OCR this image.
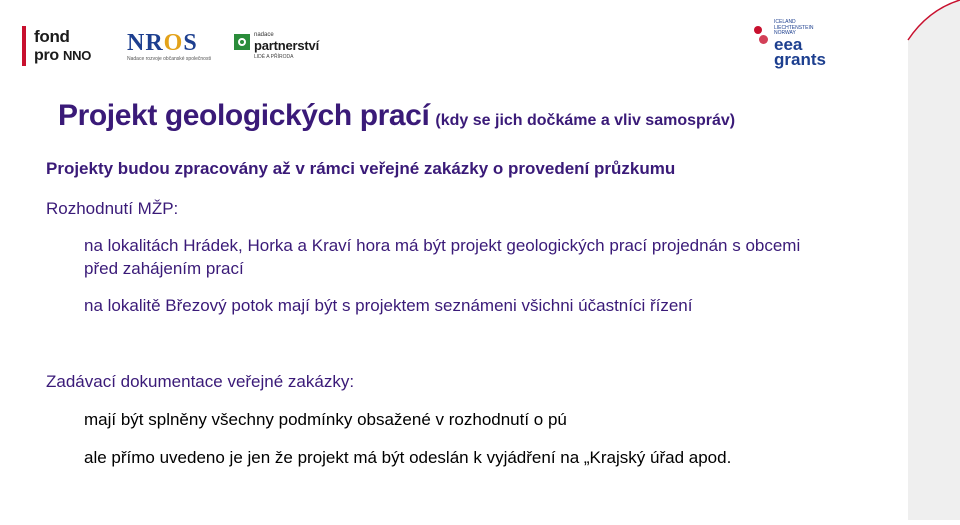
fond
pro NNO NROS
Nadace rozvoje občanské společnosti
nadace
partnerství
LIDÉ A PŘÍRODA
ICELAND
LIECHTENSTEIN
NORWAY
eea
grants
Projekt geologických prací (kdy se jich dočkáme a vliv samospráv)
Projekty budou zpracovány až v rámci veřejné zakázky o provedení průzkumu
Rozhodnutí MŽP:
na lokalitách Hrádek, Horka a Kraví hora má být projekt geologických prací projednán s obcemi
před zahájením prací
na lokalitě Březový potok mají být s projektem seznámeni všichni účastníci řízení
Zadávací dokumentace veřejné zakázky:
mají být splněny všechny podmínky obsažené v rozhodnutí o pú
ale přímo uvedeno je jen že projekt má být odeslán k vyjádření na „Krajský úřad apod.
Podpořeno grantem z Islandu, Lichtenštejnska a Norska v rámci EHP fondů.
www.fondnno.cz a www.eeagrants.cz.
